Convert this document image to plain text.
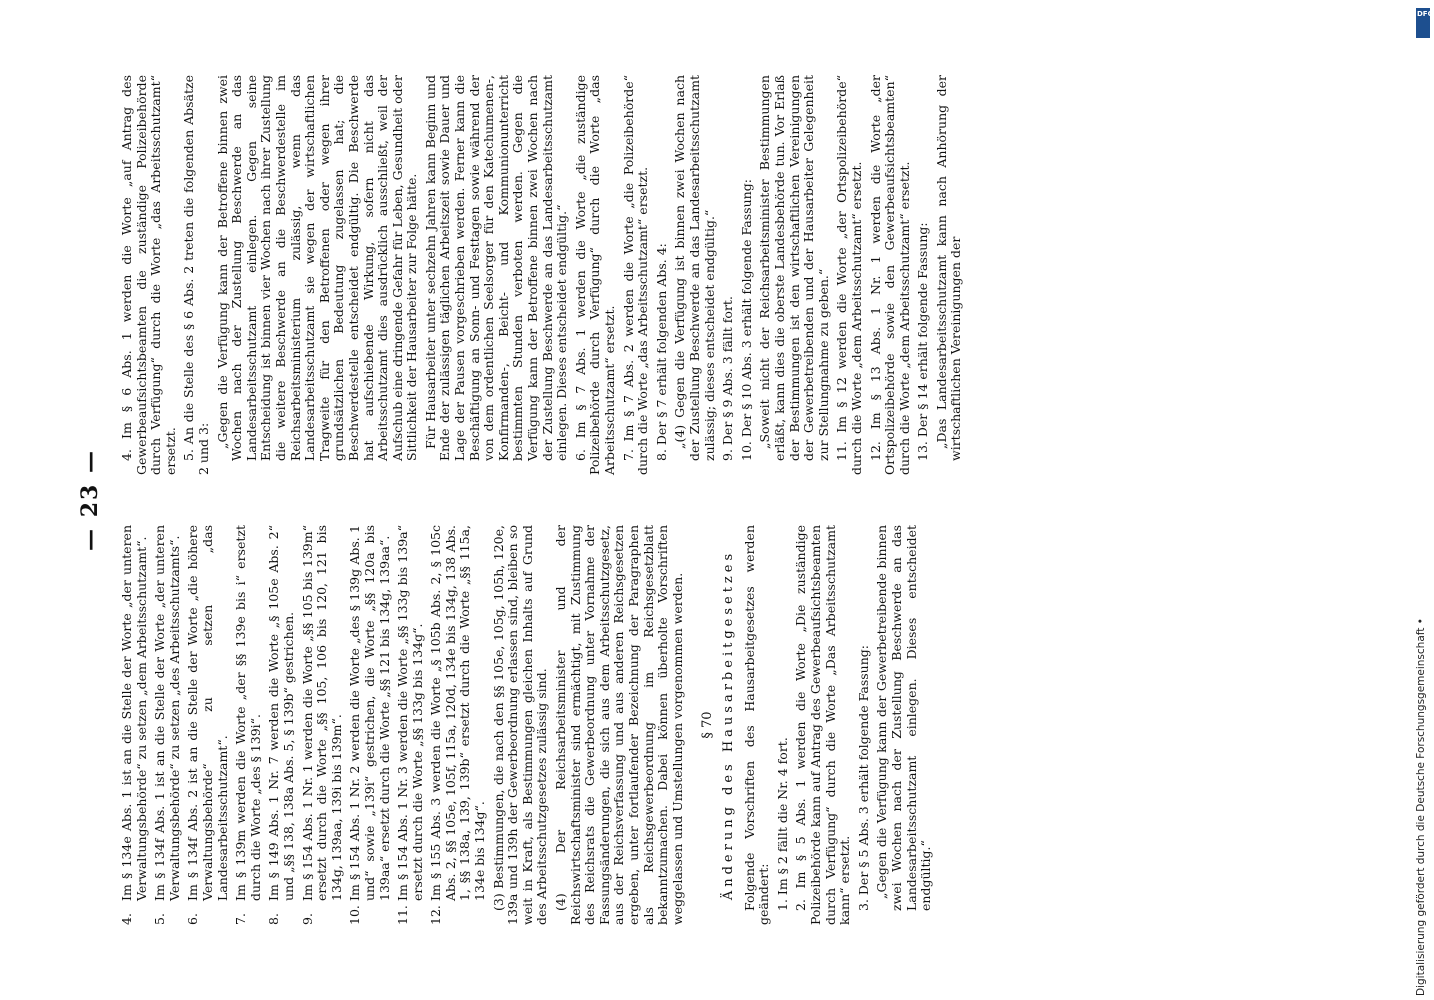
— 23 —
4.
Im § 134e Abs. 1 ist an die Stelle der Worte „der unteren Verwaltungsbehörde“ zu setzen „dem Arbeitsschutzamt“.
5.
Im § 134f Abs. 1 ist an die Stelle der Worte „der unteren Verwaltungsbehörde“ zu setzen „des Arbeitsschutzamts“.
6.
Im § 134f Abs. 2 ist an die Stelle der Worte „die höhere Verwaltungsbehörde“ zu setzen „das Landesarbeitsschutzamt“.
7.
Im § 139m werden die Worte „der §§ 139e bis i“ ersetzt durch die Worte „des § 139i“.
8.
Im § 149 Abs. 1 Nr. 7 werden die Worte „§ 105e Abs. 2“ und „§§ 138, 138a Abs. 5, § 139b“ gestrichen.
9.
Im § 154 Abs. 1 Nr. 1 werden die Worte „§§ 105 bis 139m“ ersetzt durch die Worte „§§ 105, 106 bis 120, 121 bis 134g, 139aa, 139i bis 139m“.
10.
Im § 154 Abs. 1 Nr. 2 werden die Worte „des § 139g Abs. 1 und“ sowie „139i“ gestrichen, die Worte „§§ 120a bis 139aa“ ersetzt durch die Worte „§§ 121 bis 134g, 139aa“.
11.
Im § 154 Abs. 1 Nr. 3 werden die Worte „§§ 133g bis 139a“ ersetzt durch die Worte „§§ 133g bis 134g“.
12.
Im § 155 Abs. 3 werden die Worte „§ 105b Abs. 2, § 105c Abs. 2, §§ 105e, 105f, 115a, 120d, 134e bis 134g, 138 Abs. 1, §§ 138a, 139, 139b“ ersetzt durch die Worte „§§ 115a, 134e bis 134g“. (3) Bestimmungen, die nach den §§ 105e, 105g, 105h, 120e, 139a und 139h der Gewerbeordnung erlassen sind, bleiben so weit in Kraft, als Bestimmungen gleichen Inhalts auf Grund des Arbeitsschutzgesetzes zulässig sind. (4) Der Reichsarbeitsminister und der Reichswirtschaftsminister sind ermächtigt, mit Zustimmung des Reichsrats die Gewerbeordnung unter Vornahme der Fassungsänderungen, die sich aus dem Arbeitsschutzgesetz, aus der Reichsverfassung und aus anderen Reichsgesetzen ergeben, unter fortlaufender Bezeichnung der Paragraphen als Reichsgewerbeordnung im Reichsgesetzblatt bekanntzumachen. Dabei können überholte Vorschriften weggelassen und Umstellungen vorgenommen werden. § 70 Änderung des Hausarbeitgesetzes Folgende Vorschriften des Hausarbeitgesetzes werden geändert: 1. Im § 2 fällt die Nr. 4 fort. 2. Im § 5 Abs. 1 werden die Worte „Die zuständige Polizeibehörde kann auf Antrag des Gewerbeaufsichtsbeamten durch Verfügung“ durch die Worte „Das Arbeitsschutzamt kann“ ersetzt. 3. Der § 5 Abs. 3 erhält folgende Fassung: „Gegen die Verfügung kann der Gewerbetreibende binnen zwei Wochen nach der Zustellung Beschwerde an das Landesarbeitsschutzamt einlegen. Dieses entscheidet endgültig.“
4. Im § 6 Abs. 1 werden die Worte „auf Antrag des Gewerbeaufsichtsbeamten die zuständige Polizeibehörde durch Verfügung“ durch die Worte „das Arbeitsschutzamt“ ersetzt. 5. An die Stelle des § 6 Abs. 2 treten die folgenden Absätze 2 und 3: „Gegen die Verfügung kann der Betroffene binnen zwei Wochen nach der Zustellung Beschwerde an das Landesarbeitsschutzamt einlegen. Gegen seine Entscheidung ist binnen vier Wochen nach ihrer Zustellung die weitere Beschwerde an die Beschwerdestelle im Reichsarbeitsministerium zulässig, wenn das Landesarbeitsschutzamt sie wegen der wirtschaftlichen Tragweite für den Betroffenen oder wegen ihrer grundsätzlichen Bedeutung zugelassen hat; die Beschwerdestelle entscheidet endgültig. Die Beschwerde hat aufschiebende Wirkung, sofern nicht das Arbeitsschutzamt dies ausdrücklich ausschließt, weil der Aufschub eine dringende Gefahr für Leben, Gesundheit oder Sittlichkeit der Hausarbeiter zur Folge hätte. Für Hausarbeiter unter sechzehn Jahren kann Beginn und Ende der zulässigen täglichen Arbeitszeit sowie Dauer und Lage der Pausen vorgeschrieben werden. Ferner kann die Beschäftigung an Sonn- und Festtagen sowie während der von dem ordentlichen Seelsorger für den Katechumenen-, Konfirmanden-, Beicht- und Kommunionunterricht bestimmten Stunden verboten werden. Gegen die Verfügung kann der Betroffene binnen zwei Wochen nach der Zustellung Beschwerde an das Landesarbeitsschutzamt einlegen. Dieses entscheidet endgültig.“ 6. Im § 7 Abs. 1 werden die Worte „die zuständige Polizeibehörde durch Verfügung“ durch die Worte „das Arbeitsschutzamt“ ersetzt. 7. Im § 7 Abs. 2 werden die Worte „die Polizeibehörde“ durch die Worte „das Arbeitsschutzamt“ ersetzt. 8. Der § 7 erhält folgenden Abs. 4: „(4) Gegen die Verfügung ist binnen zwei Wochen nach der Zustellung Beschwerde an das Landesarbeitsschutzamt zulässig; dieses entscheidet endgültig.“ 9. Der § 9 Abs. 3 fällt fort. 10. Der § 10 Abs. 3 erhält folgende Fassung: „Soweit nicht der Reichsarbeitsminister Bestimmungen erläßt, kann dies die oberste Landesbehörde tun. Vor Erlaß der Bestimmungen ist den wirtschaftlichen Vereinigungen der Gewerbetreibenden und der Hausarbeiter Gelegenheit zur Stellungnahme zu geben.“ 11. Im § 12 werden die Worte „der Ortspolizeibehörde“ durch die Worte „dem Arbeitsschutzamt“ ersetzt. 12. Im § 13 Abs. 1 Nr. 1 werden die Worte „der Ortspolizeibehörde sowie den Gewerbeaufsichtsbeamten“ durch die Worte „dem Arbeitsschutzamt“ ersetzt. 13. Der § 14 erhält folgende Fassung: „Das Landesarbeitsschutzamt kann nach Anhörung der wirtschaftlichen Vereinigungen der
Digitalisierung gefördert durch die Deutsche Forschungsgemeinschaft •
DFG
